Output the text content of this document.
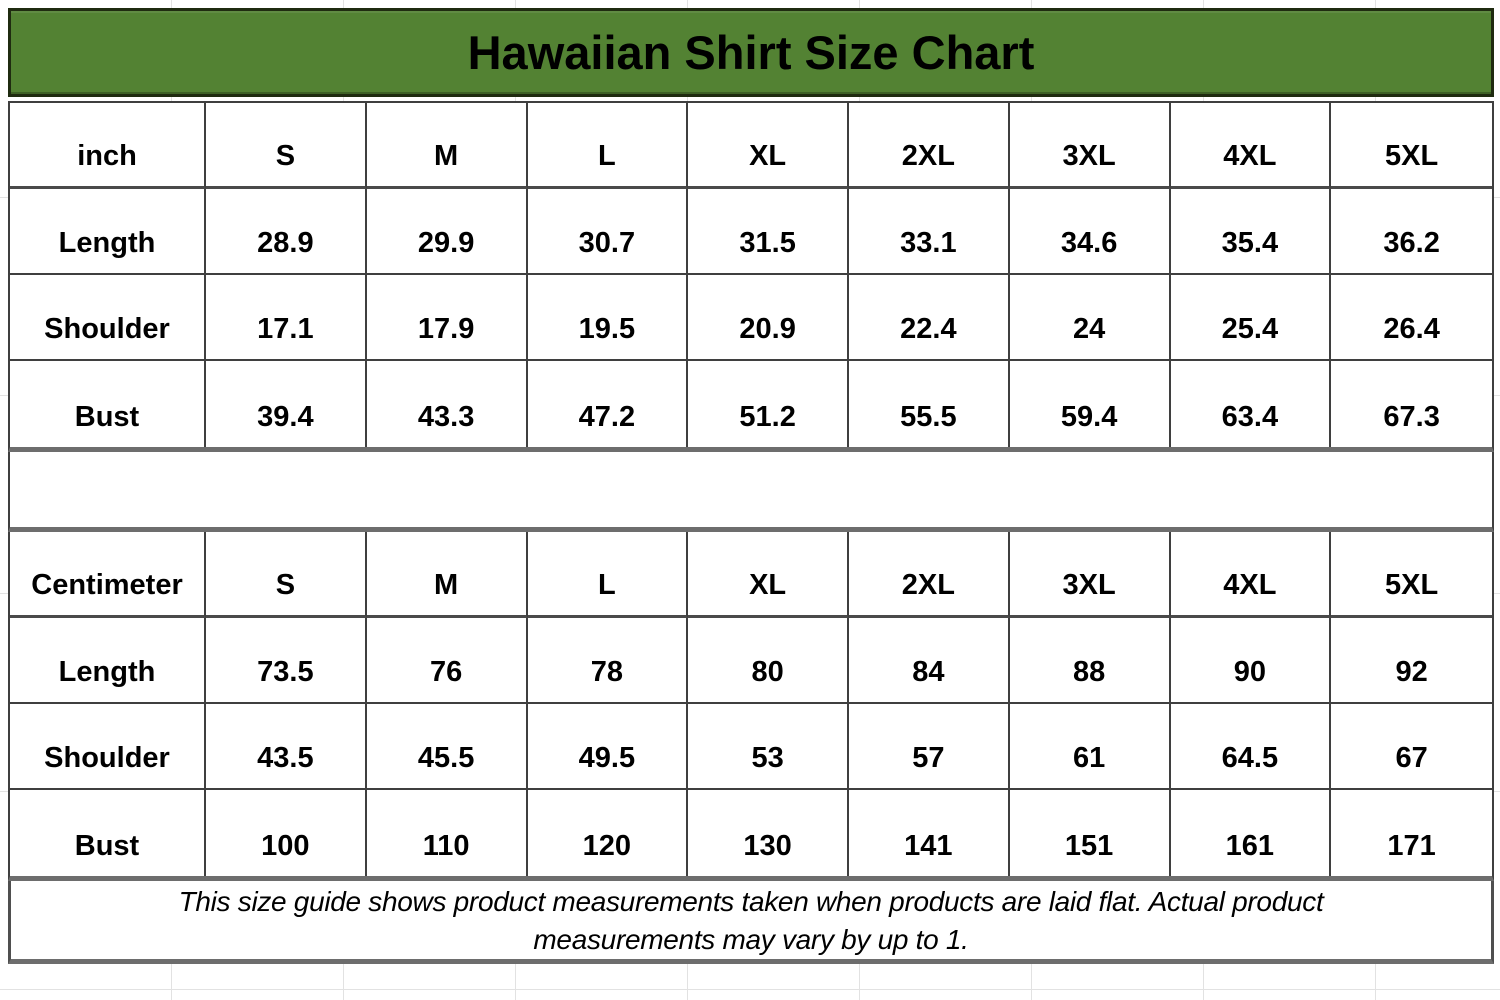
Hawaiian Shirt Size Chart
inch	S	M	L	XL	2XL	3XL	4XL	5XL
Length	28.9	29.9	30.7	31.5	33.1	34.6	35.4	36.2
Shoulder	17.1	17.9	19.5	20.9	22.4	24	25.4	26.4
Bust	39.4	43.3	47.2	51.2	55.5	59.4	63.4	67.3
Centimeter	S	M	L	XL	2XL	3XL	4XL	5XL
Length	73.5	76	78	80	84	88	90	92
Shoulder	43.5	45.5	49.5	53	57	61	64.5	67
Bust	100	110	120	130	141	151	161	171
This size guide shows product measurements taken when products are laid flat. Actual product
measurements may vary by up to 1.
